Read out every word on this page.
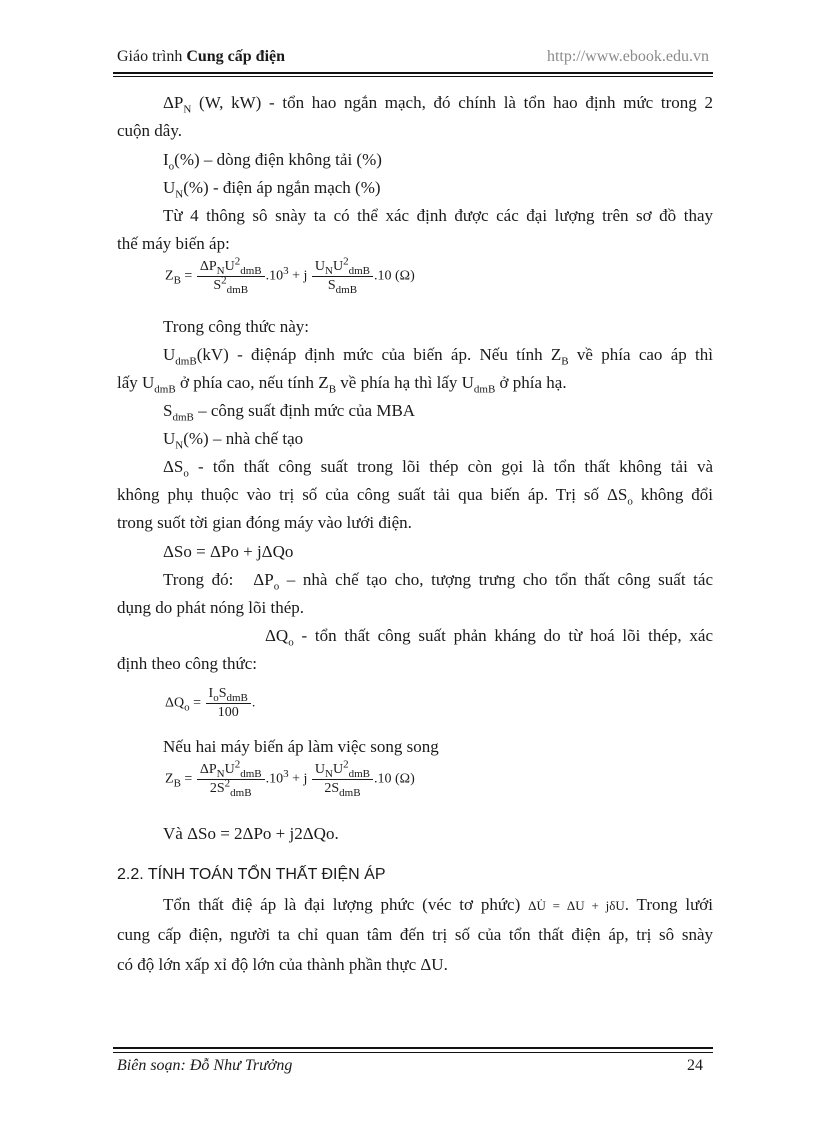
Giáo trình Cung cấp điện	http://www.ebook.edu.vn
$\Delta P_N$ (W, kW) - tổn hao ngắn mạch, đó chính là tổn hao định mức trong 2
cuộn dây.
$I_o(\%)$ – dòng điện không tải (%)
$U_N(\%)$ - điện áp ngắn mạch (%)
Từ 4 thông sô snày ta có thể xác định được các đại lượng trên sơ đồ thay
thế máy biến áp:
$Z_B = \frac{\Delta P_NU^2_{dmB}}{S^2_{dmB}} .10^3 + j \frac{U_NU^2_{dmB}}{S_{dmB}} .10$ (Ω)
Trong công thức này:
$U_{dmB}(kV)$ - điệnáp định mức của biến áp. Nếu tính $Z_B$ về phía cao áp thì
lấy $U_{dmB}$ ở phía cao, nếu tính $Z_B$ về phía hạ thì lấy $U_{dmB}$ ở phía hạ.
$S_{dmB}$ – công suất định mức của MBA
$U_N(\%)$ – nhà chế tạo
$\Delta S_o$ - tổn thất công suất trong lõi thép còn gọi là tổn thất không tải và
không phụ thuộc vào trị số của công suất tải qua biến áp. Trị số $\Delta S_o$ không đổi
trong suốt tời gian đóng máy vào lưới điện.
ΔSo = ΔPo + jΔQo
Trong đó: $\Delta P_o$ – nhà chế tạo cho, tượng trưng cho tổn thất công suất tác
dụng do phát nóng lõi thép.
$\Delta Q_o$ - tổn thất công suất phản kháng do từ hoá lõi thép, xác
định theo công thức:
$\Delta Q_o = \frac{I_oS_{dmB}}{100}$ .
Nếu hai máy biến áp làm việc song song
$Z_B = \frac{\Delta P_NU^2_{dmB}}{2S^2_{dmB}} .10^3 + j \frac{U_NU^2_{dmB}}{2S_{dmB}} .10$ (Ω)
Và ΔSo = 2ΔPo + j2ΔQo.
2.2. TÍNH TOÁN TỔN THẤT ĐIỆN ÁP
Tổn thất điệ áp là đại lượng phức (véc tơ phức) ΔU̇ = ΔU + jδU. Trong lưới
cung cấp điện, người ta chỉ quan tâm đến trị số của tổn thất điện áp, trị sô snày
có độ lớn xấp xỉ độ lớn của thành phần thực ΔU.
Biên soạn: Đỗ Như Trưởng	24
